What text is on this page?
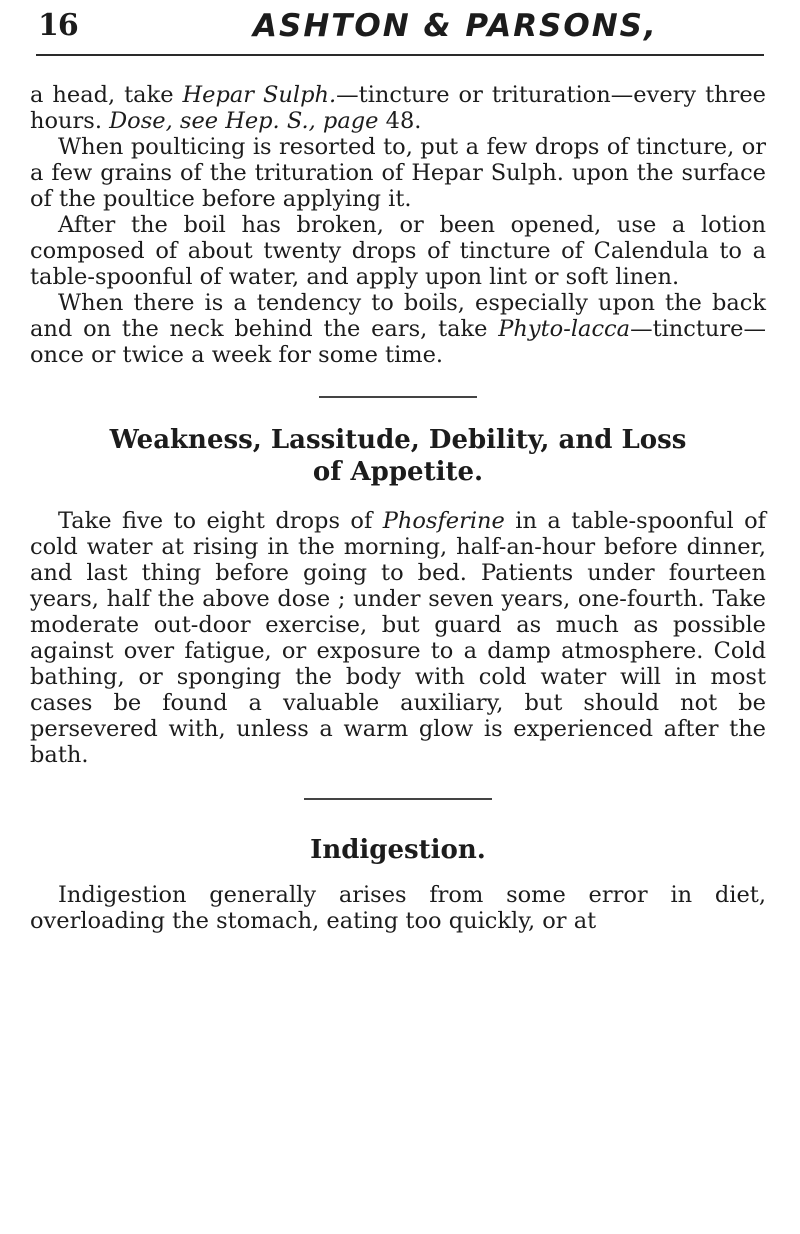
16	ASHTON & PARSONS,

a head, take Hepar Sulph.—tincture or trituration—every three hours. Dose, see Hep. S., page 48.

When poulticing is resorted to, put a few drops of tincture, or a few grains of the trituration of Hepar Sulph. upon the surface of the poultice before applying it.

After the boil has broken, or been opened, use a lotion composed of about twenty drops of tincture of Calendula to a table-spoonful of water, and apply upon lint or soft linen.

When there is a tendency to boils, especially upon the back and on the neck behind the ears, take Phyto-lacca—tincture—once or twice a week for some time.

Weakness, Lassitude, Debility, and Loss
of Appetite.

Take five to eight drops of Phosferine in a table-spoonful of cold water at rising in the morning, half-an-hour before dinner, and last thing before going to bed. Patients under fourteen years, half the above dose ; under seven years, one-fourth. Take moderate out-door exercise, but guard as much as possible against over fatigue, or exposure to a damp atmosphere. Cold bathing, or sponging the body with cold water will in most cases be found a valuable auxiliary, but should not be persevered with, unless a warm glow is experienced after the bath.

Indigestion.

Indigestion generally arises from some error in diet, overloading the stomach, eating too quickly, or at
